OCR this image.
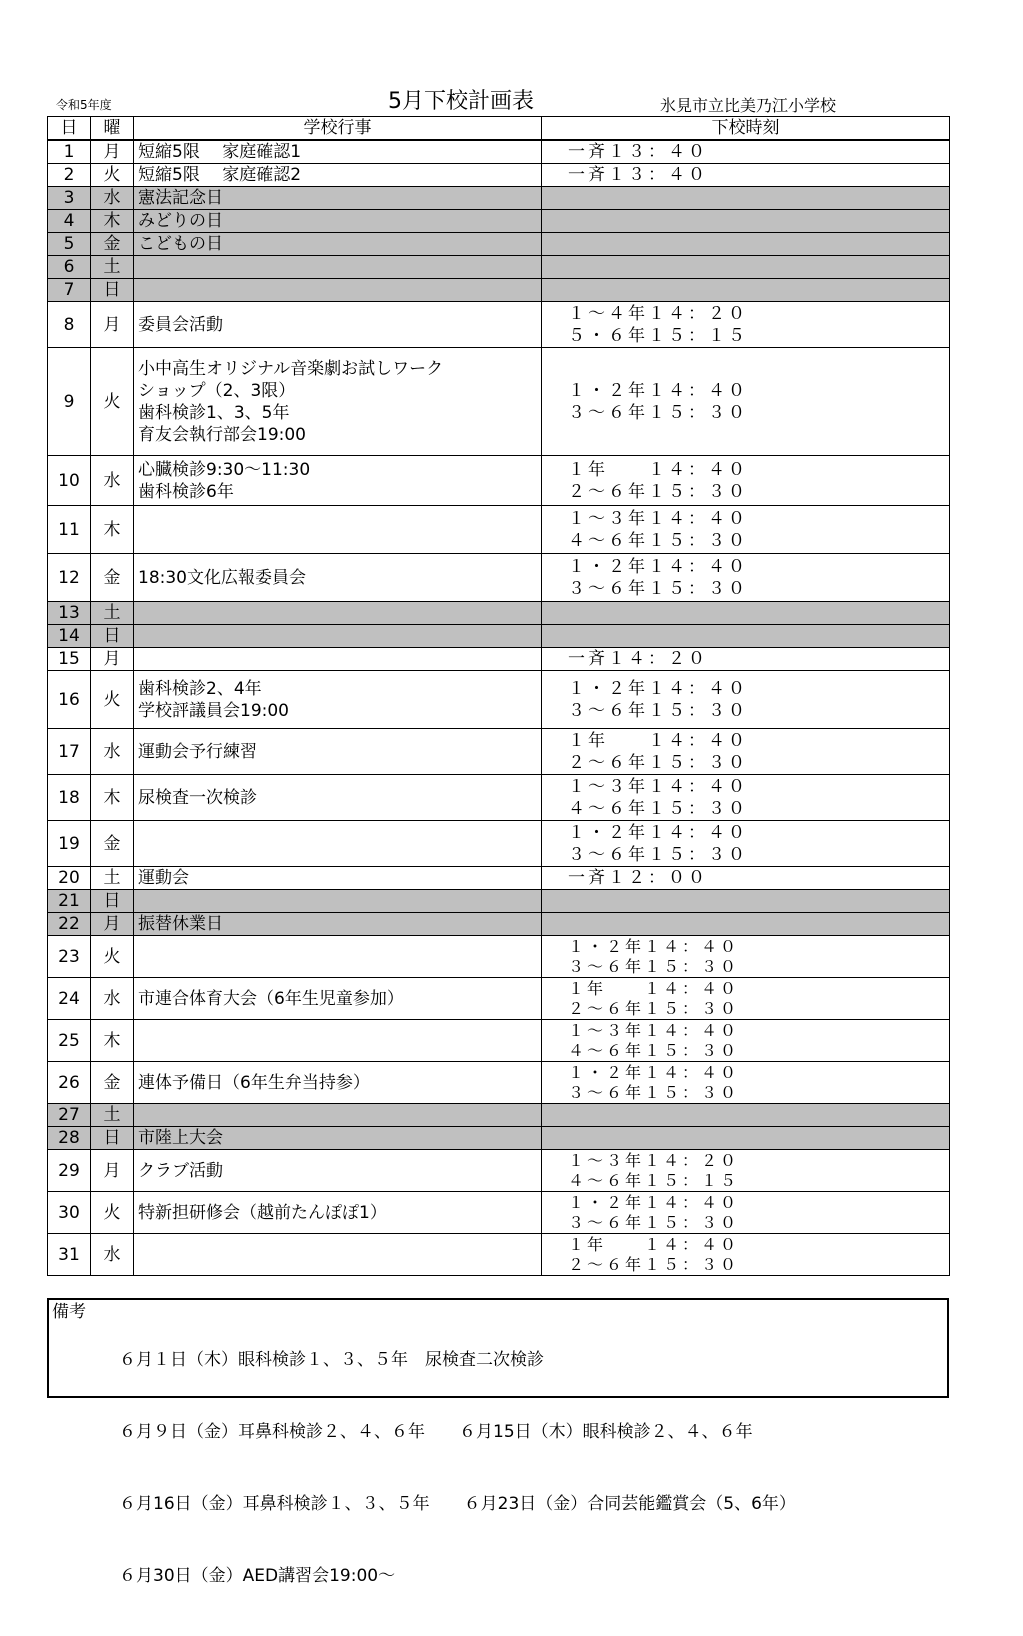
令和5年度	5月下校計画表	氷見市立比美乃江小学校
日	曜	学校行事	下校時刻
1	月	短縮5限　 家庭確認1	一斉１３：４０
2	火	短縮5限　 家庭確認2	一斉１３：４０
3	水	憲法記念日	
4	木	みどりの日	
5	金	こどもの日	
6	土		
7	日		
8	月	委員会活動	１～４年１４：２０
５・６年１５：１５
9	火	小中高生オリジナル音楽劇お試しワーク
ショップ（2、3限）
歯科検診1、3、5年
育友会執行部会19:00	１・２年１４：４０
３～６年１５：３０
10	水	心臓検診9:30～11:30
歯科検診6年	１年　　１４：４０
２～６年１５：３０
11	木		１～３年１４：４０
４～６年１５：３０
12	金	18:30文化広報委員会	１・２年１４：４０
３～６年１５：３０
13	土		
14	日		
15	月		一斉１４：２０
16	火	歯科検診2、4年
学校評議員会19:00	１・２年１４：４０
３～６年１５：３０
17	水	運動会予行練習	１年　　１４：４０
２～６年１５：３０
18	木	尿検査一次検診	１～３年１４：４０
４～６年１５：３０
19	金		１・２年１４：４０
３～６年１５：３０
20	土	運動会	一斉１２：００
21	日		
22	月	振替休業日	
23	火		１・２年１４：４０
３～６年１５：３０
24	水	市連合体育大会（6年生児童参加）	１年　　１４：４０
２～６年１５：３０
25	木		１～３年１４：４０
４～６年１５：３０
26	金	連体予備日（6年生弁当持参）	１・２年１４：４０
３～６年１５：３０
27	土		
28	日	市陸上大会	
29	月	クラブ活動	１～３年１４：２０
４～６年１５：１５
30	火	特新担研修会（越前たんぽぽ1）	１・２年１４：４０
３～６年１５：３０
31	水		１年　　１４：４０
２～６年１５：３０
備考

６月１日（木）眼科検診１、３、５年　尿検査二次検診

６月９日（金）耳鼻科検診２、４、６年　　６月15日（木）眼科検診２、４、６年

６月16日（金）耳鼻科検診１、３、５年　　６月23日（金）合同芸能鑑賞会（5、6年）

６月30日（金）AED講習会19:00～
